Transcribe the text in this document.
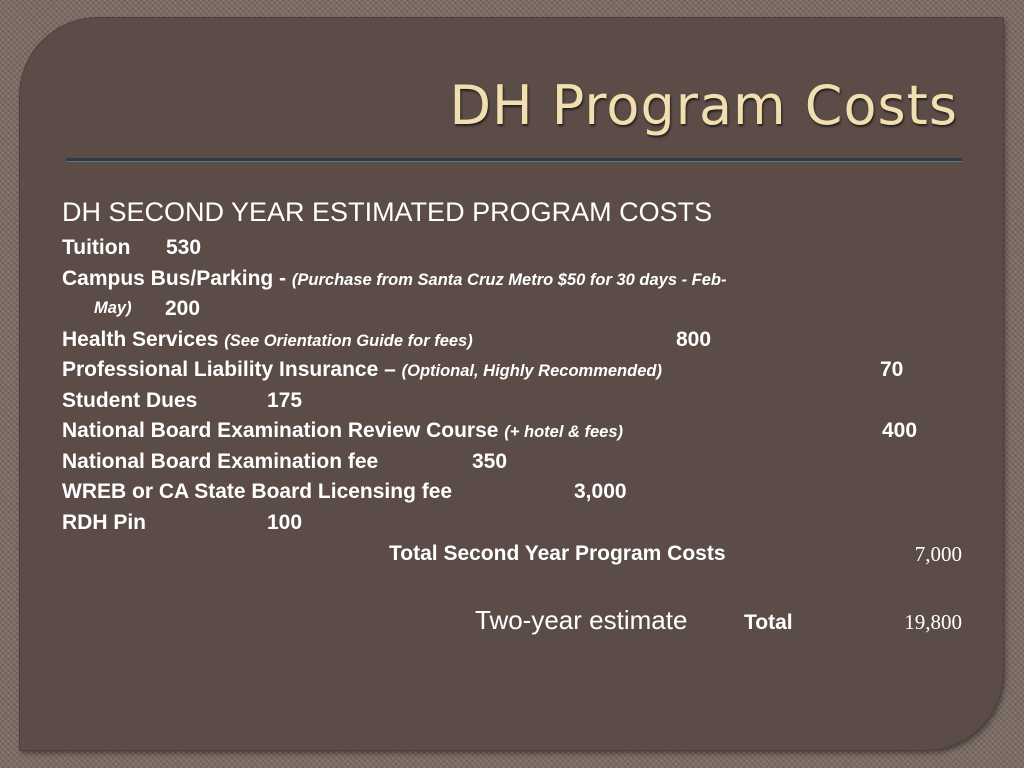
DH Program Costs
DH SECOND YEAR ESTIMATED PROGRAM COSTS
Tuition 530
Campus Bus/Parking - (Purchase from Santa Cruz Metro $50 for 30 days - Feb-
May) 200
Health Services (See Orientation Guide for fees)	800
Professional Liability Insurance – (Optional, Highly Recommended)	70
Student Dues	175
National Board Examination Review Course (+ hotel & fees)	400
National Board Examination fee	350
WREB or CA State Board Licensing fee	3,000
RDH Pin	100
Total Second Year Program Costs	7,000
Two-year estimate	Total	19,800
